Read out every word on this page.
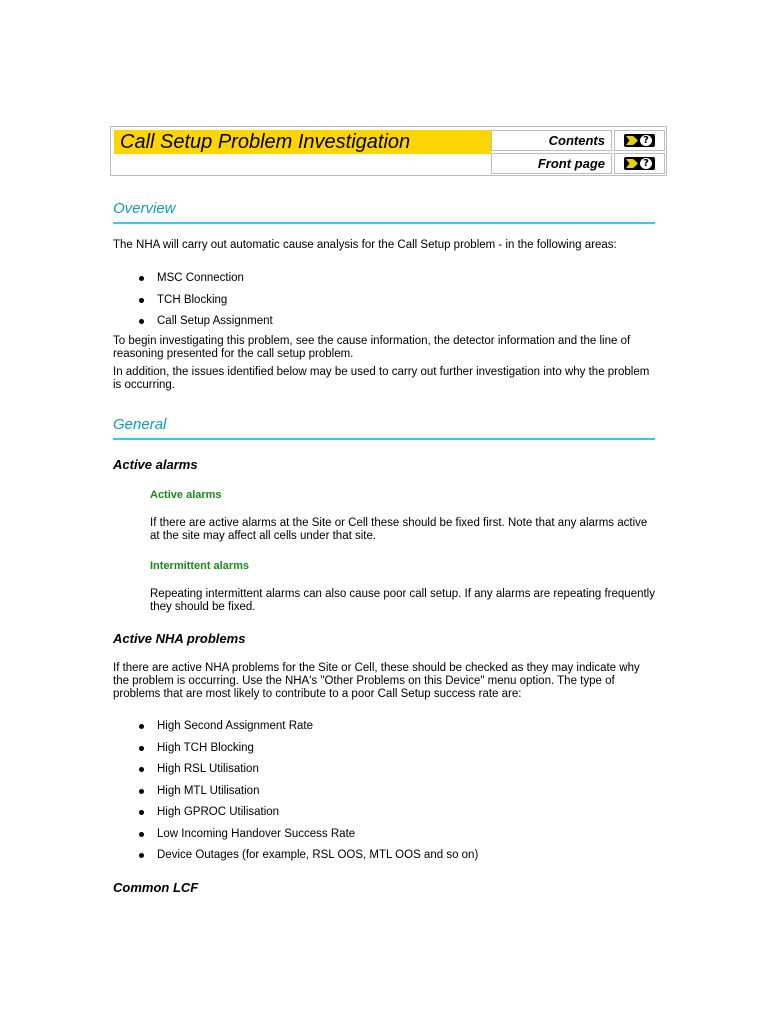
Call Setup Problem Investigation	Contents	?
Front page	?
Overview

The NHA will carry out automatic cause analysis for the Call Setup problem - in the following areas:

MSC Connection
TCH Blocking
Call Setup Assignment

To begin investigating this problem, see the cause information, the detector information and the line of reasoning presented for the call setup problem.

In addition, the issues identified below may be used to carry out further investigation into why the problem is occurring.

General
Active alarms
Active alarms

If there are active alarms at the Site or Cell these should be fixed first. Note that any alarms active at the site may affect all cells under that site.

Intermittent alarms

Repeating intermittent alarms can also cause poor call setup. If any alarms are repeating frequently they should be fixed.

Active NHA problems

If there are active NHA problems for the Site or Cell, these should be checked as they may indicate why the problem is occurring. Use the NHA's "Other Problems on this Device" menu option. The type of problems that are most likely to contribute to a poor Call Setup success rate are:

High Second Assignment Rate
High TCH Blocking
High RSL Utilisation
High MTL Utilisation
High GPROC Utilisation
Low Incoming Handover Success Rate
Device Outages (for example, RSL OOS, MTL OOS and so on)
Common LCF
